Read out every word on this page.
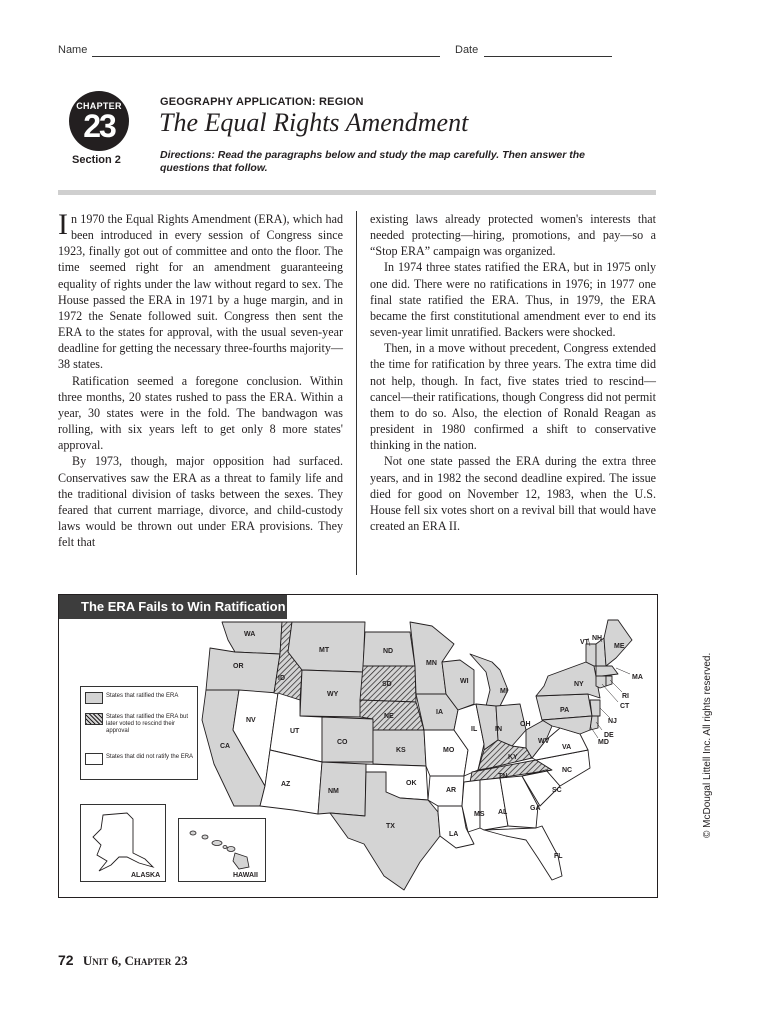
Name	Date
CHAPTER
23
Section 2
GEOGRAPHY APPLICATION: REGION
The Equal Rights Amendment
Directions: Read the paragraphs below and study the map carefully. Then answer the questions that follow.

In 1970 the Equal Rights Amendment (ERA), which had been introduced in every session of Congress since 1923, finally got out of committee and onto the floor. The time seemed right for an amendment guaranteeing equality of rights under the law without regard to sex. The House passed the ERA in 1971 by a huge margin, and in 1972 the Senate followed suit. Congress then sent the ERA to the states for approval, with the usual seven-year deadline for getting the necessary three-fourths majority—38 states.

Ratification seemed a foregone conclusion. Within three months, 20 states rushed to pass the ERA. Within a year, 30 states were in the fold. The bandwagon was rolling, with six years left to get only 8 more states' approval.

By 1973, though, major opposition had surfaced. Conservatives saw the ERA as a threat to family life and the traditional division of tasks between the sexes. They feared that current marriage, divorce, and child-custody laws would be thrown out under ERA provisions. They felt that

existing laws already protected women's interests that needed protecting—hiring, promotions, and pay—so a “Stop ERA” campaign was organized.

In 1974 three states ratified the ERA, but in 1975 only one did. There were no ratifications in 1976; in 1977 one final state ratified the ERA. Thus, in 1979, the ERA became the first constitutional amendment ever to end its seven-year limit unratified. Backers were shocked.

Then, in a move without precedent, Congress extended the time for ratification by three years. The extra time did not help, though. In fact, five states tried to rescind—cancel—their ratifications, though Congress did not permit them to do so. Also, the election of Ronald Reagan as president in 1980 confirmed a shift to conservative thinking in the nation.

Not one state passed the ERA during the extra three years, and in 1982 the second deadline expired. The issue died for good on November 12, 1983, when the U.S. House fell six votes short on a revival bill that would have created an ERA II.

The ERA Fails to Win Ratification
WA
OR
ID
MT	ND
MN
SD
WY
WI
MI
NV
UT
CO
NE
IA
IL	IN
OH
CA
AZ
NM
KS	MO
KY
WV
VA
OK
AR
TN
NC
TX
LA
MS AL
GA
SC
FL
PA
NY
VT
NH
ME
MA
RI
CT
NJ
DE
MD
States that ratified the ERA
States that ratified the ERA but later voted to rescind their approval
States that did not ratify the ERA
ALASKA	HAWAII
© McDougal Littell Inc. All rights reserved.
72 Unit 6, Chapter 23
